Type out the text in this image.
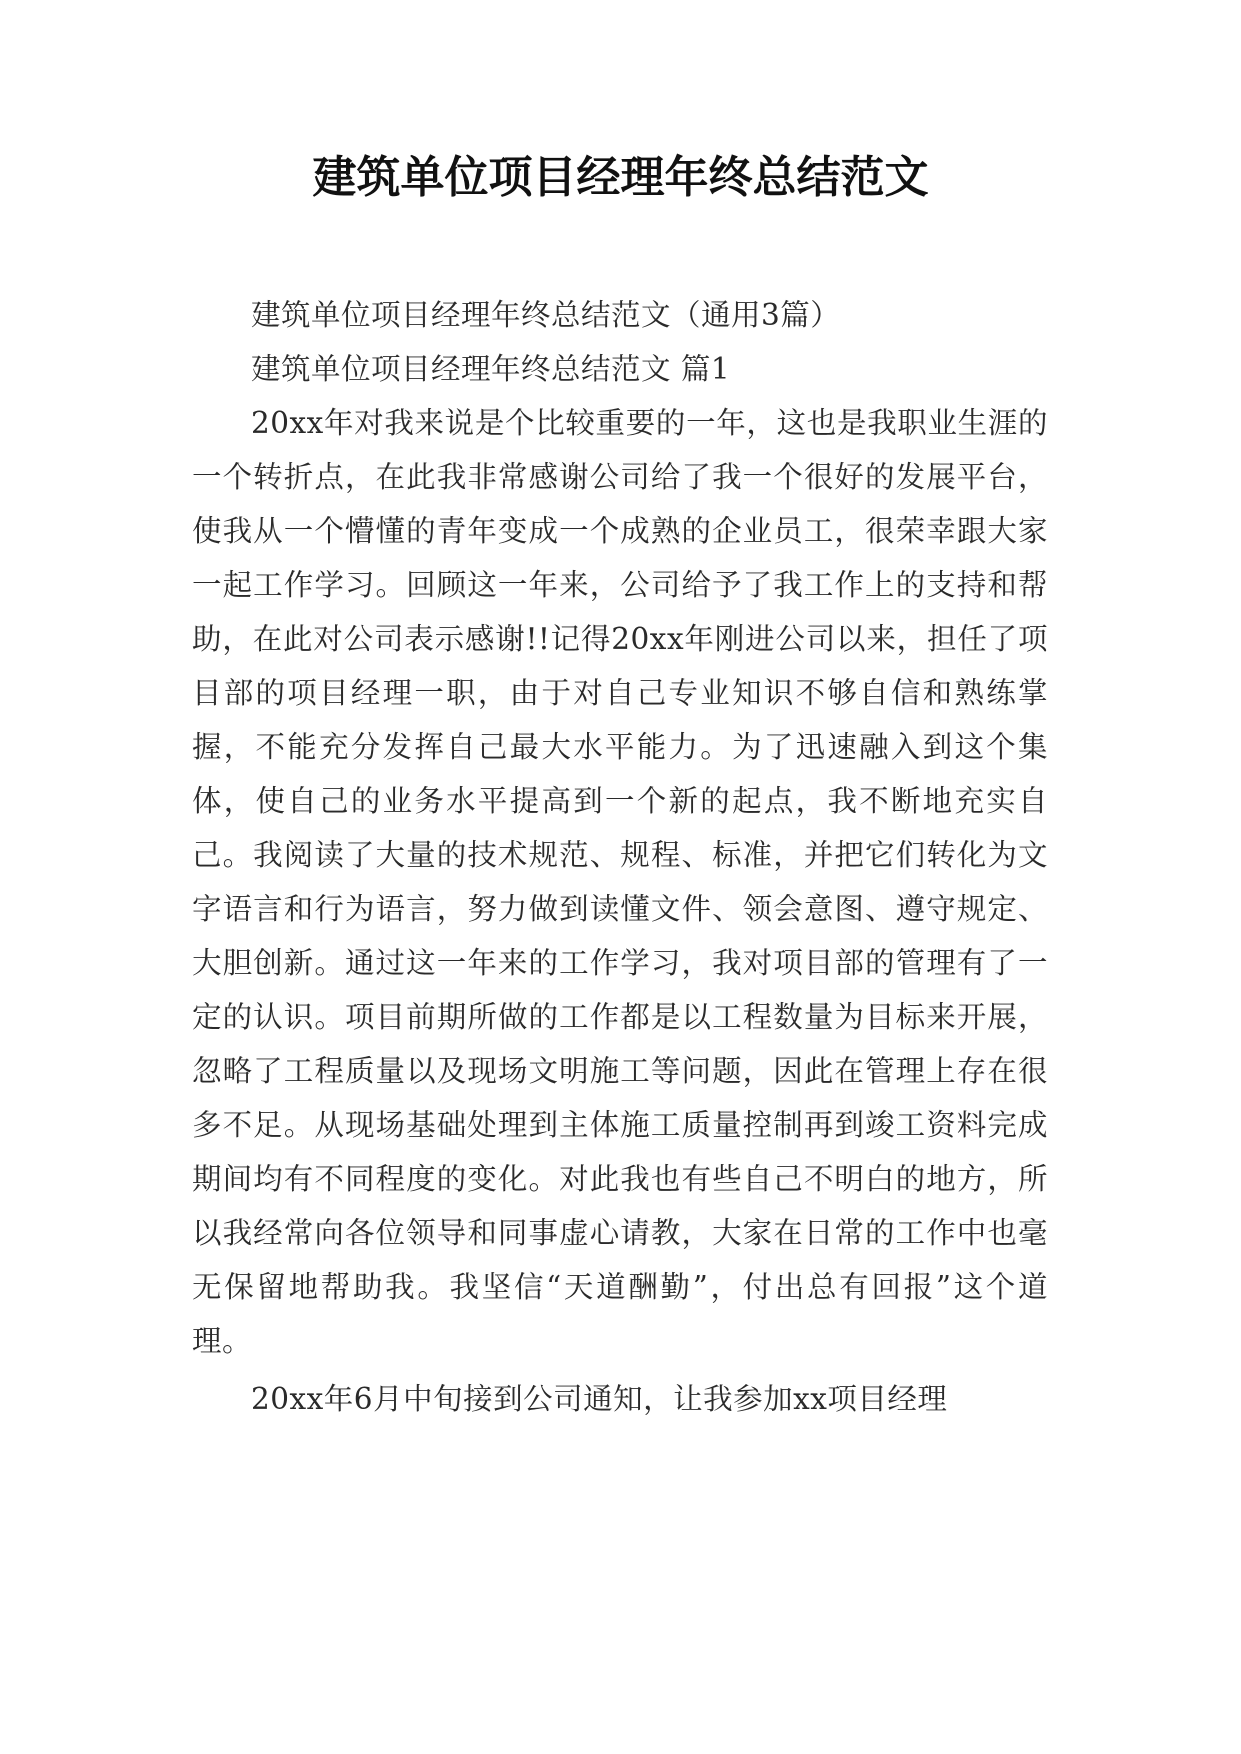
建筑单位项目经理年终总结范文

建筑单位项目经理年终总结范文（通用3篇）

建筑单位项目经理年终总结范文 篇1

20xx年对我来说是个比较重要的一年，这也是我职业生涯的一个转折点，在此我非常感谢公司给了我一个很好的发展平台，使我从一个懵懂的青年变成一个成熟的企业员工，很荣幸跟大家一起工作学习。回顾这一年来，公司给予了我工作上的支持和帮助，在此对公司表示感谢!!记得20xx年刚进公司以来，担任了项目部的项目经理一职，由于对自己专业知识不够自信和熟练掌握，不能充分发挥自己最大水平能力。为了迅速融入到这个集体，使自己的业务水平提高到一个新的起点，我不断地充实自己。我阅读了大量的技术规范、规程、标准，并把它们转化为文字语言和行为语言，努力做到读懂文件、领会意图、遵守规定、大胆创新。通过这一年来的工作学习，我对项目部的管理有了一定的认识。项目前期所做的工作都是以工程数量为目标来开展，忽略了工程质量以及现场文明施工等问题，因此在管理上存在很多不足。从现场基础处理到主体施工质量控制再到竣工资料完成期间均有不同程度的变化。对此我也有些自己不明白的地方，所以我经常向各位领导和同事虚心请教，大家在日常的工作中也毫无保留地帮助我。我坚信“天道酬勤”，付出总有回报”这个道理。

20xx年6月中旬接到公司通知，让我参加xx项目经理
